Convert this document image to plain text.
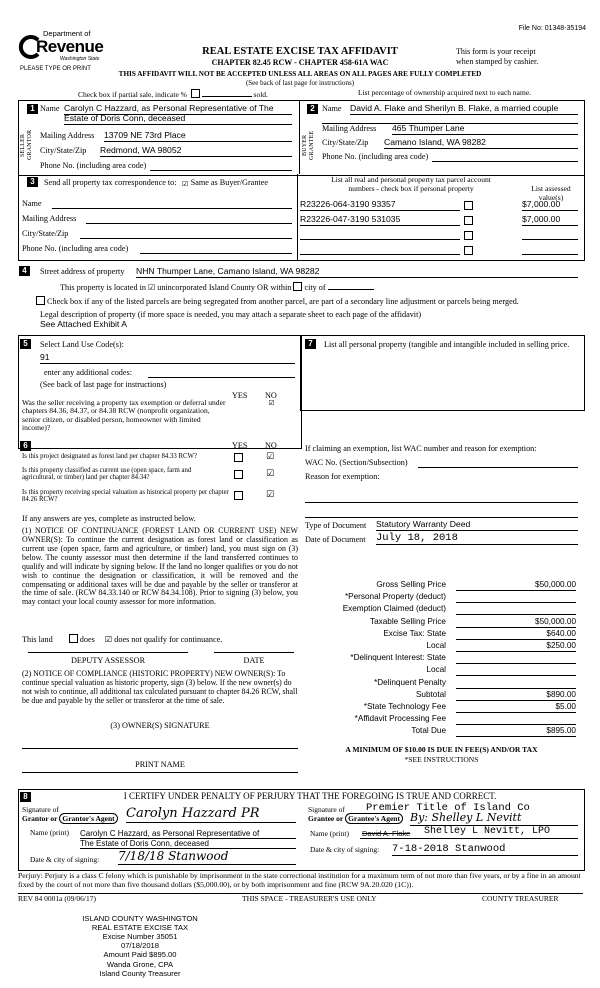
File No: 01348-35194
Department of
Revenue
Washington State
PLEASE TYPE OR PRINT
REAL ESTATE EXCISE TAX AFFIDAVIT
CHAPTER 82.45 RCW - CHAPTER 458-61A WAC
This form is your receipt
when stamped by cashier.
THIS AFFIDAVIT WILL NOT BE ACCEPTED UNLESS ALL AREAS ON ALL PAGES ARE FULLY COMPLETED
(See back of last page for instructions)
Check box if partial sale, indicate %	sold.	List percentage of ownership acquired next to each name.
1
SELLER GRANTOR
Name Carolyn C Hazzard, as Personal Representative of The
Estate of Doris Conn, deceased
Mailing Address 13709 NE 73rd Place
City/State/Zip Redmond, WA 98052
Phone No. (including area code)
2
BUYER GRANTEE
Name David A. Flake and Sherilyn B. Flake, a married couple
Mailing Address 465 Thumper Lane
City/State/Zip Camano Island, WA 98282
Phone No. (including area code)
3	Send all property tax correspondence to: ☑ Same as Buyer/Grantee
Name
Mailing Address
City/State/Zip
Phone No. (including area code)
List all real and personal property tax parcel account
numbers - check box if personal property	List assessed value(s)
R23226-064-3190 93357	$7,000.00
R23226-047-3190 531035	$7,000.00
4	Street address of property NHN Thumper Lane, Camano Island, WA 98282
This property is located in ☑ unincorporated Island County OR within city of
Check box if any of the listed parcels are being segregated from another parcel, are part of a secondary line adjustment or parcels being merged.
Legal description of property (if more space is needed, you may attach a separate sheet to each page of the affidavit)
See Attached Exhibit A
5	Select Land Use Code(s):
91
enter any additional codes:
(See back of last page for instructions)
YES NO
Was the seller receiving a property tax exemption or deferral under chapters 84.36, 84.37, or 84.38 RCW (nonprofit organization, senior citizen, or disabled person, homeowner with limited income)?
☑
6	YES NO
Is this project designated as forest land per chapter 84.33 RCW?	☑
Is this property classified as current use (open space, farm and agricultural, or timber) land per chapter 84.34?	☑
Is this property receiving special valuation as historical property per chapter 84.26 RCW?	☑
If any answers are yes, complete as instructed below.
(1) NOTICE OF CONTINUANCE (FOREST LAND OR CURRENT USE) NEW OWNER(S): To continue the current designation as forest land or classification as current use (open space, farm and agriculture, or timber) land, you must sign on (3) below. The county assessor must then determine if the land transferred continues to qualify and will indicate by signing below. If the land no longer qualifies or you do not wish to continue the designation or classification, it will be removed and the compensating or additional taxes will be due and payable by the seller or transferor at the time of sale. (RCW 84.33.140 or RCW 84.34.108). Prior to signing (3) below, you may contact your local county assessor for more information.
This land	does ☑ does not qualify for continuance.
DEPUTY ASSESSOR	DATE
(2) NOTICE OF COMPLIANCE (HISTORIC PROPERTY) NEW OWNER(S): To continue special valuation as historic property, sign (3) below. If the new owner(s) do not wish to continue, all additional tax calculated pursuant to chapter 84.26 RCW, shall be due and payable by the seller or transferor at the time of sale.
(3) OWNER(S) SIGNATURE
PRINT NAME
7	List all personal property (tangible and intangible included in selling price.
If claiming an exemption, list WAC number and reason for exemption:
WAC No. (Section/Subsection)
Reason for exemption:
Type of Document Statutory Warranty Deed
Date of Document July 18, 2018
Gross Selling Price	$50,000.00
*Personal Property (deduct)
Exemption Claimed (deduct)
Taxable Selling Price	$50,000.00
Excise Tax: State	$640.00
Local	$250.00
*Delinquent Interest: State
Local
*Delinquent Penalty
Subtotal	$890.00
*State Technology Fee	$5.00
*Affidavit Processing Fee
Total Due	$895.00
A MINIMUM OF $10.00 IS DUE IN FEE(S) AND/OR TAX
*SEE INSTRUCTIONS
8	I CERTIFY UNDER PENALTY OF PERJURY THAT THE FOREGOING IS TRUE AND CORRECT.
Signature of
Grantor or Grantor's Agent Carolyn Hazzard PR
Name (print) Carolyn C Hazzard, as Personal Representative of
The Estate of Doris Conn, deceased
Date & city of signing: 7/18/18 Stanwood
Signature of Premier Title of Island Co
Grantee or Grantee's Agent By: Shelley L Nevitt
Name (print) David A. Flake Shelley L Nevitt, LPO
Date & city of signing: 7-18-2018 Stanwood
Perjury: Perjury is a class C felony which is punishable by imprisonment in the state correctional institution for a maximum term of not more than five years, or by a fine in an amount fixed by the court of not more than five thousand dollars ($5,000.00), or by both imprisonment and fine (RCW 9A.20.020 (1C)).
REV 84 0001a (09/06/17)	THIS SPACE - TREASURER'S USE ONLY	COUNTY TREASURER
ISLAND COUNTY WASHINGTON
REAL ESTATE EXCISE TAX
Excise Number 35051
07/18/2018
Amount Paid $895.00
Wanda Grone, CPA
Island County Treasurer
